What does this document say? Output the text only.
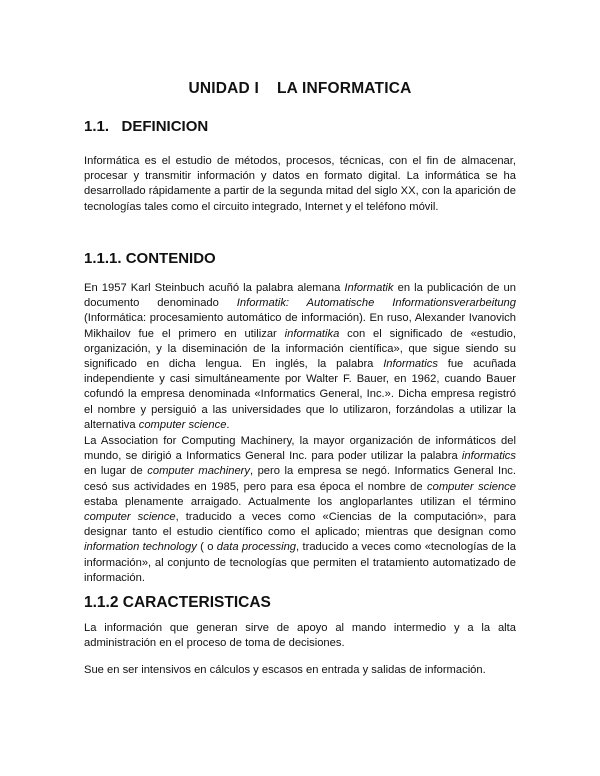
UNIDAD I    LA INFORMATICA
1.1.   DEFINICION

Informática es el estudio de métodos, procesos, técnicas, con el fin de almacenar, procesar y transmitir información y datos en formato digital. La informática se ha desarrollado rápidamente a partir de la segunda mitad del siglo XX, con la aparición de tecnologías tales como el circuito integrado, Internet y el teléfono móvil.

1.1.1. CONTENIDO

En 1957 Karl Steinbuch acuñó la palabra alemana Informatik en la publicación de un documento denominado Informatik: Automatische Informationsverarbeitung (Informática: procesamiento automático de información). En ruso, Alexander Ivanovich Mikhailov fue el primero en utilizar informatika con el significado de «estudio, organización, y la diseminación de la información científica», que sigue siendo su significado en dicha lengua. En inglés, la palabra Informatics fue acuñada independiente y casi simultáneamente por Walter F. Bauer, en 1962, cuando Bauer cofundó la empresa denominada «Informatics General, Inc.». Dicha empresa registró el nombre y persiguió a las universidades que lo utilizaron, forzándolas a utilizar la alternativa computer science.

La Association for Computing Machinery, la mayor organización de informáticos del mundo, se dirigió a Informatics General Inc. para poder utilizar la palabra informatics en lugar de computer machinery, pero la empresa se negó. Informatics General Inc. cesó sus actividades en 1985, pero para esa época el nombre de computer science estaba plenamente arraigado. Actualmente los angloparlantes utilizan el término computer science, traducido a veces como «Ciencias de la computación», para designar tanto el estudio científico como el aplicado; mientras que designan como information technology ( o data processing, traducido a veces como «tecnologías de la información», al conjunto de tecnologías que permiten el tratamiento automatizado de información.

1.1.2 CARACTERISTICAS

La información que generan sirve de apoyo al mando intermedio y a la alta administración en el proceso de toma de decisiones.

Sue en ser intensivos en cálculos y escasos en entrada y salidas de información.
